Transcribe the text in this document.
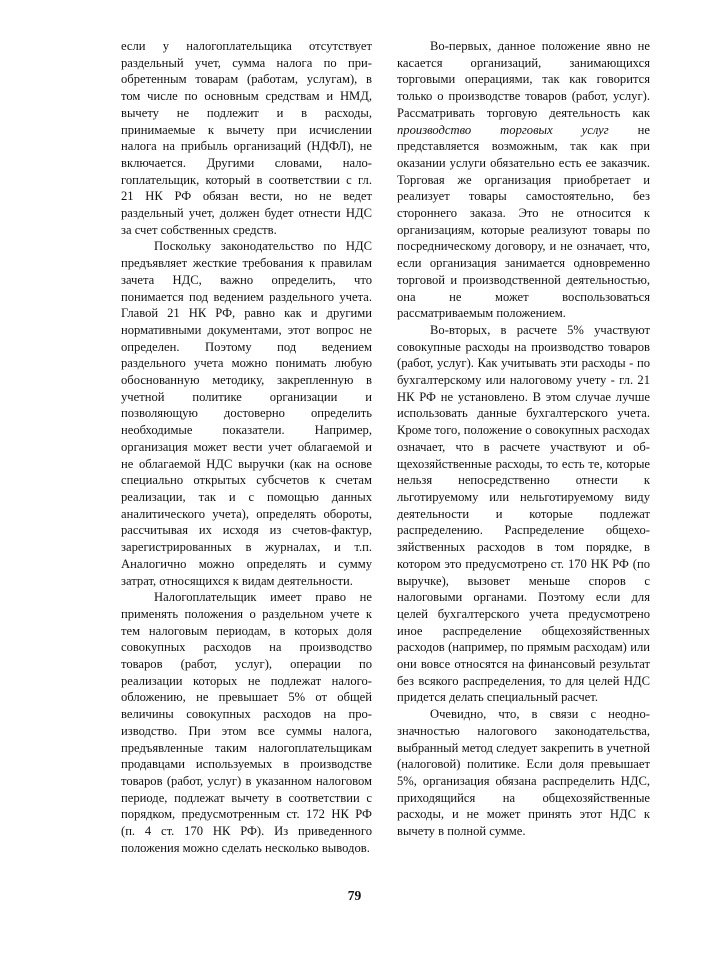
если у налогоплательщика отсутствует раздельный учет, сумма налога по приобретенным товарам (работам, услугам), в том числе по основным средствам и НМД, вычету не подлежит и в расходы, принимаемые к вычету при исчислении налога на прибыль организаций (НДФЛ), не включается. Другими словами, налогоплательщик, который в соответствии с гл. 21 НК РФ обязан вести, но не ведет раздельный учет, должен будет отнести НДС за счет собственных средств.

Поскольку законодательство по НДС предъявляет жесткие требования к правилам зачета НДС, важно определить, что понимается под ведением раздельного учета. Главой 21 НК РФ, равно как и другими нормативными документами, этот вопрос не определен. Поэтому под ведением раздельного учета можно понимать любую обоснованную методику, закрепленную в учетной политике организации и позволяющую достоверно определить необходимые показатели. Например, организация может вести учет облагаемой и не облагаемой НДС выручки (как на основе специально открытых субсчетов к счетам реализации, так и с помощью данных аналитического учета), определять обороты, рассчитывая их исходя из счетов-фактур, зарегистрированных в журналах, и т.п. Аналогично можно определять и сумму затрат, относящихся к видам деятельности.

Налогоплательщик имеет право не применять положения о раздельном учете к тем налоговым периодам, в которых доля совокупных расходов на производство товаров (работ, услуг), операции по реализации которых не подлежат налогообложению, не превышает 5% от общей величины совокупных расходов на производство. При этом все суммы налога, предъявленные таким налогоплательщикам продавцами используемых в производстве товаров (работ, услуг) в указанном налоговом периоде, подлежат вычету в соответствии с порядком, предусмотренным ст. 172 НК РФ (п. 4 ст. 170 НК РФ). Из приведенного положения можно сделать несколько выводов.

Во-первых, данное положение явно не касается организаций, занимающихся торговыми операциями, так как говорится только о производстве товаров (работ, услуг). Рассматривать торговую деятельность как производство торговых услуг не представляется возможным, так как при оказании услуги обязательно есть ее заказчик. Торговая же организация приобретает и реализует товары самостоятельно, без стороннего заказа. Это не относится к организациям, которые реализуют товары по посредническому договору, и не означает, что, если организация занимается одновременно торговой и производственной деятельностью, она не может воспользоваться рассматриваемым положением.

Во-вторых, в расчете 5% участвуют совокупные расходы на производство товаров (работ, услуг). Как учитывать эти расходы - по бухгалтерскому или налоговому учету - гл. 21 НК РФ не установлено. В этом случае лучше использовать данные бухгалтерского учета. Кроме того, положение о совокупных расходах означает, что в расчете участвуют и общехозяйственные расходы, то есть те, которые нельзя непосредственно отнести к льготируемому или нельготируемому виду деятельности и которые подлежат распределению. Распределение общехозяйственных расходов в том порядке, в котором это предусмотрено ст. 170 НК РФ (по выручке), вызовет меньше споров с налоговыми органами. Поэтому если для целей бухгалтерского учета предусмотрено иное распределение общехозяйственных расходов (например, по прямым расходам) или они вовсе относятся на финансовый результат без всякого распределения, то для целей НДС придется делать специальный расчет.

Очевидно, что, в связи с неоднозначностью налогового законодательства, выбранный метод следует закрепить в учетной (налоговой) политике. Если доля превышает 5%, организация обязана распределить НДС, приходящийся на общехозяйственные расходы, и не может принять этот НДС к вычету в полной сумме.

79
